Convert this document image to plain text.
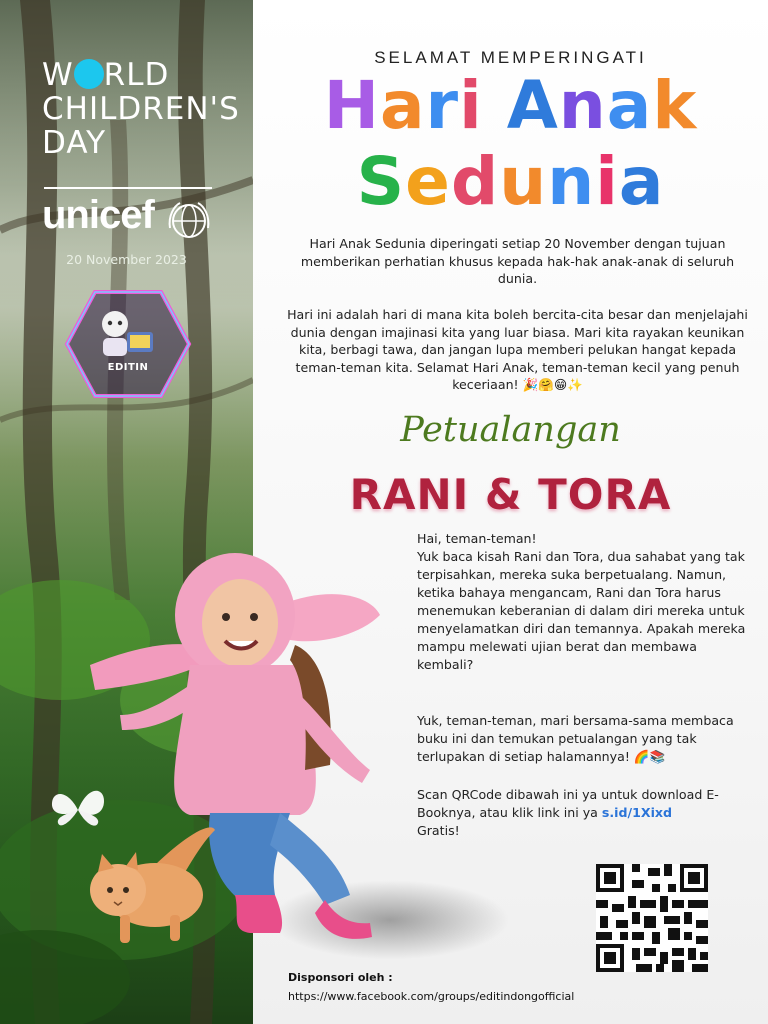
W RLD
CHILDREN'S
DAY
unicef
20 November 2023
EDITIN
SELAMAT MEMPERINGATI
Hari Anak
Sedunia

Hari Anak Sedunia diperingati setiap 20 November dengan tujuan memberikan perhatian khusus kepada hak-hak anak-anak di seluruh dunia.

Hari ini adalah hari di mana kita boleh bercita-cita besar dan menjelajahi dunia dengan imajinasi kita yang luar biasa. Mari kita rayakan keunikan kita, berbagi tawa, dan jangan lupa memberi pelukan hangat kepada teman-teman kita. Selamat Hari Anak, teman-teman kecil yang penuh keceriaan! 🎉🤗😁✨

Petualangan
RANI & TORA

Hai, teman-teman!
Yuk baca kisah Rani dan Tora, dua sahabat yang tak terpisahkan, mereka suka berpetualang. Namun, ketika bahaya mengancam, Rani dan Tora harus menemukan keberanian di dalam diri mereka untuk menyelamatkan diri dan temannya. Apakah mereka mampu melewati ujian berat dan membawa kembali?

Yuk, teman-teman, mari bersama-sama membaca buku ini dan temukan petualangan yang tak terlupakan di setiap halamannya! 🌈📚

Scan QRCode dibawah ini ya untuk download E-Booknya, atau klik link ini ya s.id/1Xixd
Gratis!

Disponsori oleh :
https://www.facebook.com/groups/editindongofficial
